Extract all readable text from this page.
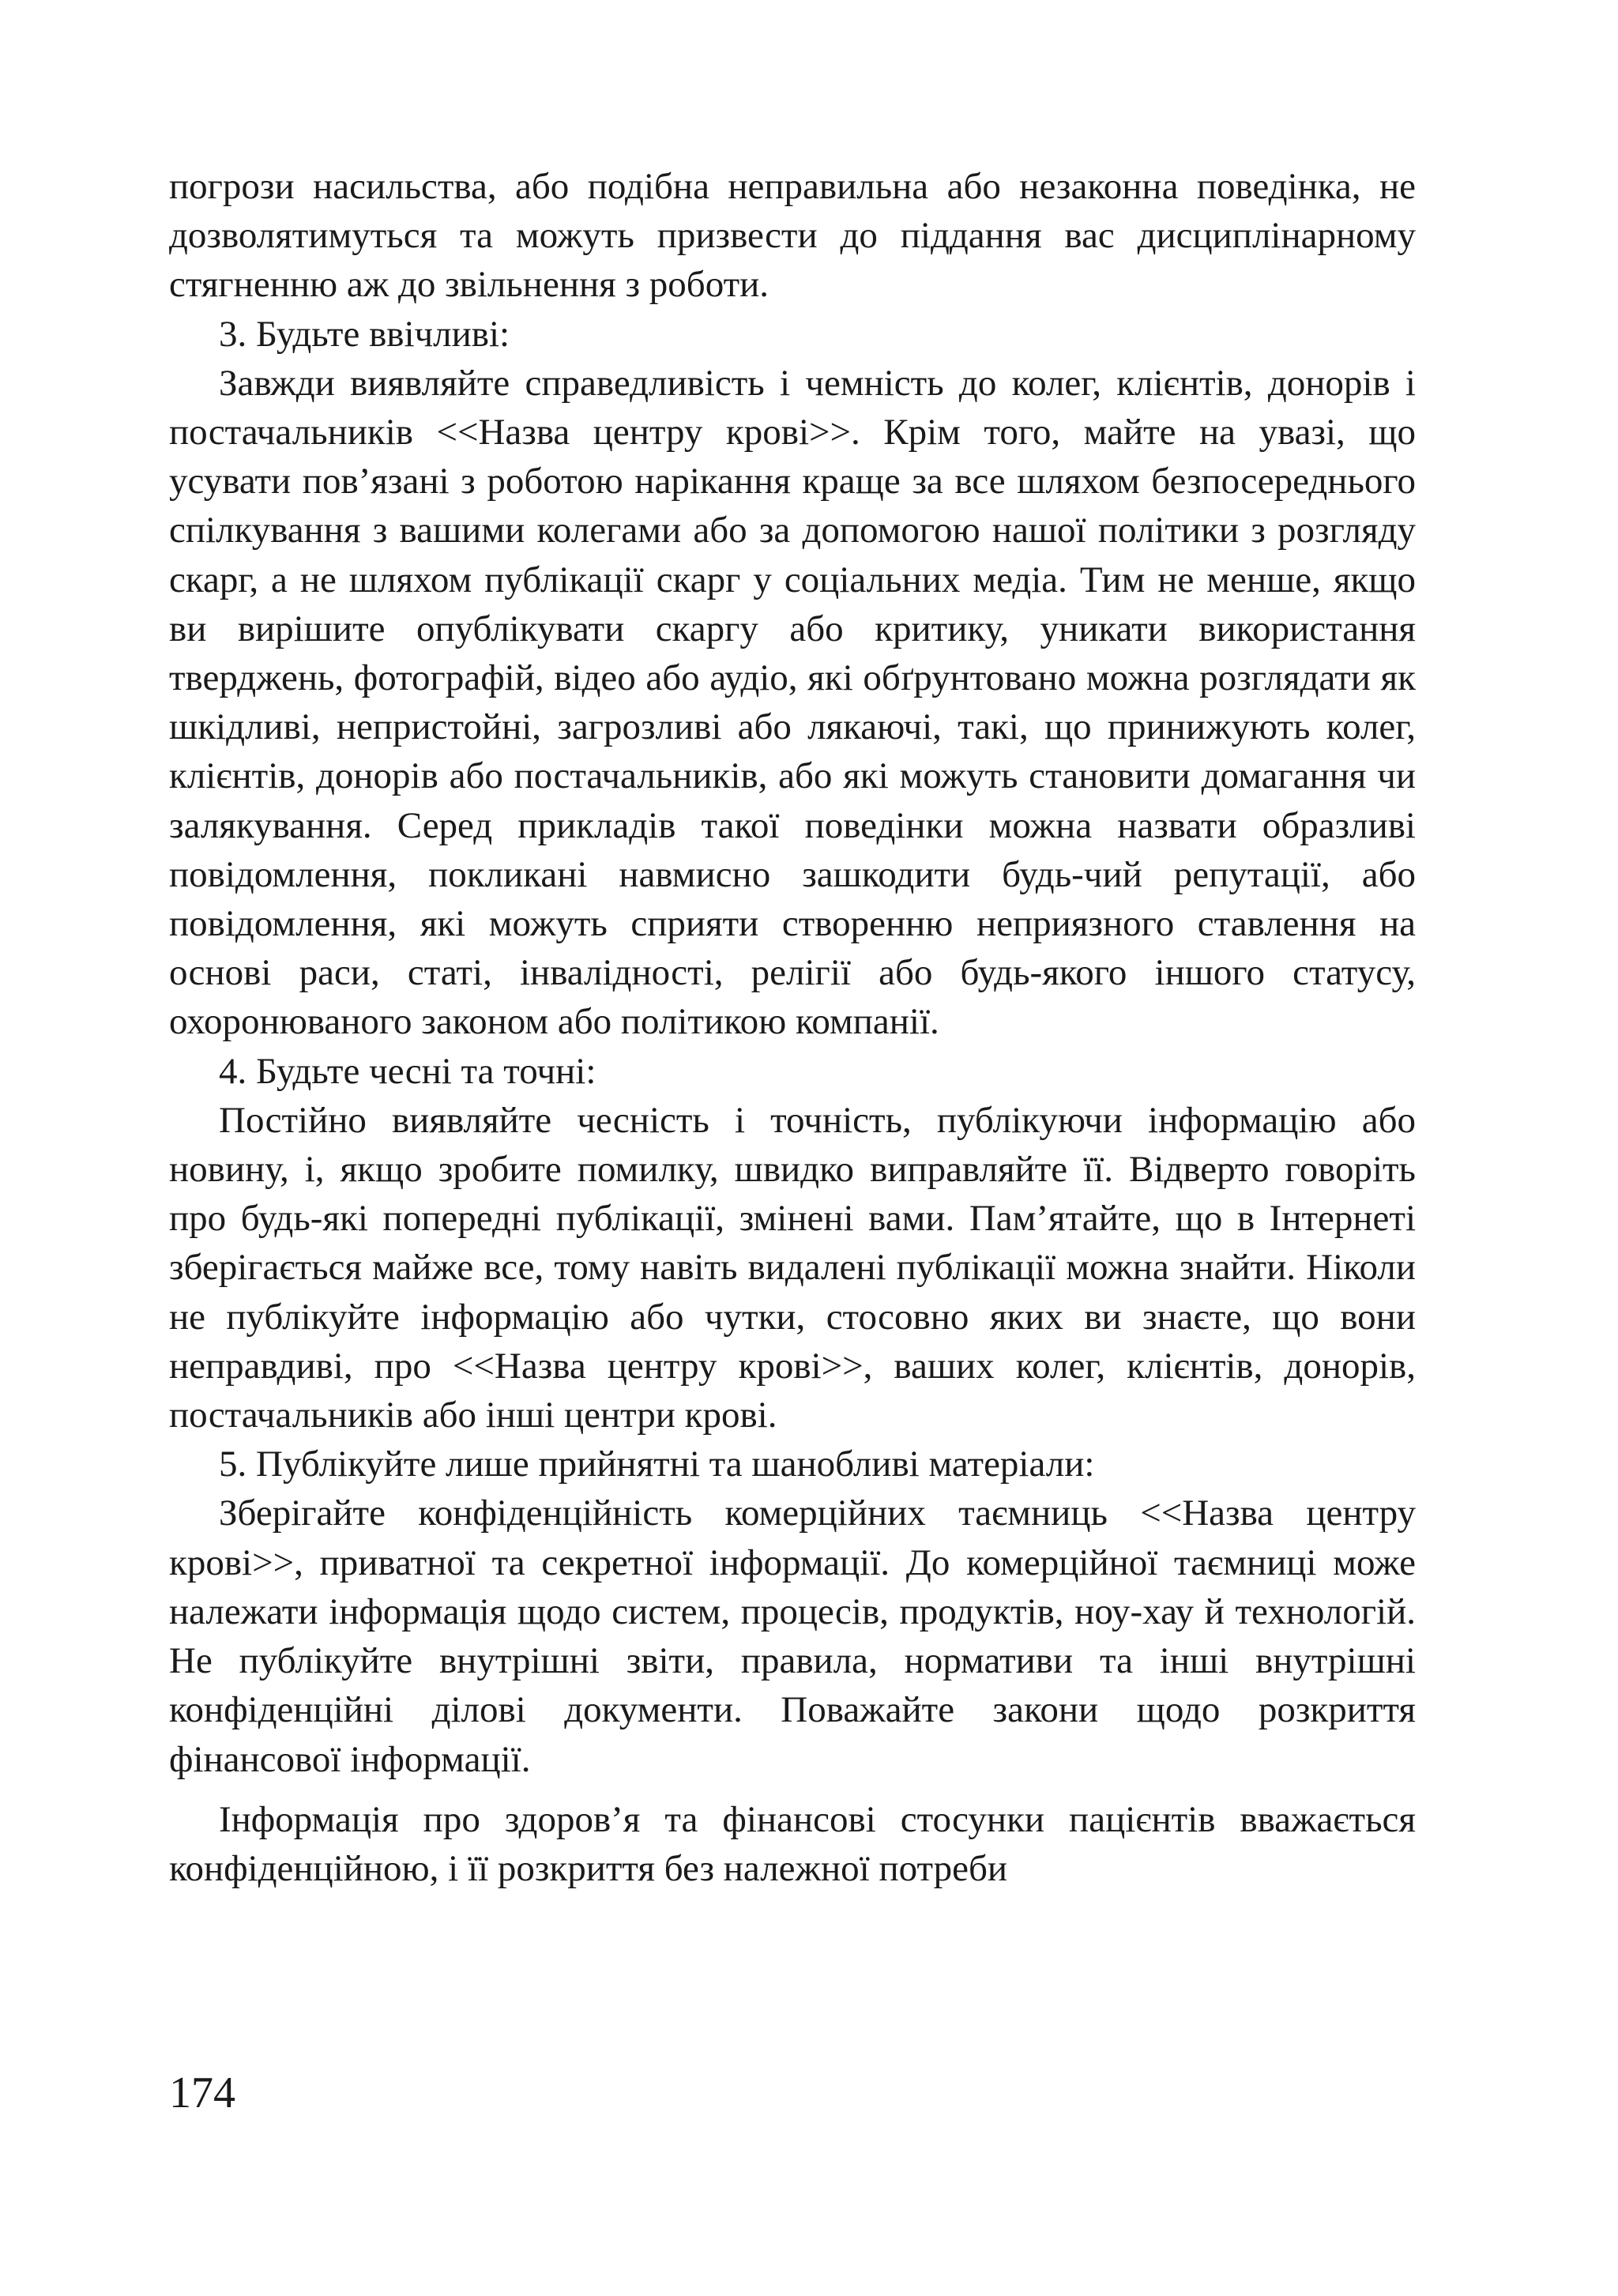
погрози насильства, або подібна неправильна або незаконна поведінка, не дозволятимуться та можуть призвести до піддання вас дисциплінарному стягненню аж до звільнення з роботи.

3. Будьте ввічливі:

Завжди виявляйте справедливість і чемність до колег, клієнтів, донорів і постачальників <<Назва центру крові>>. Крім того, майте на увазі, що усувати пов’язані з роботою нарікання краще за все шляхом безпосереднього спілкування з вашими колегами або за допомогою нашої політики з розгляду скарг, а не шляхом публікації скарг у соціальних медіа. Тим не менше, якщо ви вирішите опублікувати скаргу або критику, уникати використання тверджень, фотографій, відео або аудіо, які обґрунтовано можна розглядати як шкідливі, непристойні, загрозливі або лякаючі, такі, що принижують колег, клієнтів, донорів або постачальників, або які можуть становити домагання чи залякування. Серед прикладів такої поведінки можна назвати образливі повідомлення, покликані навмисно зашкодити будь-чий репутації, або повідомлення, які можуть сприяти створенню неприязного ставлення на основі раси, статі, інвалідності, релігії або будь-якого іншого статусу, охоронюваного законом або політикою компанії.

4. Будьте чесні та точні:

Постійно виявляйте чесність і точність, публікуючи інформацію або новину, і, якщо зробите помилку, швидко виправляйте її. Відверто говоріть про будь-які попередні публікації, змінені вами. Пам’ятайте, що в Інтернеті зберігається майже все, тому навіть видалені публікації можна знайти. Ніколи не публікуйте інформацію або чутки, стосовно яких ви знаєте, що вони неправдиві, про <<Назва центру крові>>, ваших колег, клієнтів, донорів, постачальників або інші центри крові.

5. Публікуйте лише прийнятні та шанобливі матеріали:

Зберігайте конфіденційність комерційних таємниць <<Назва центру крові>>, приватної та секретної інформації. До комерційної таємниці може належати інформація щодо систем, процесів, продуктів, ноу-хау й технологій. Не публікуйте внутрішні звіти, правила, нормативи та інші внутрішні конфіденційні ділові документи. Поважайте закони щодо розкриття фінансової інформації.

Інформація про здоров’я та фінансові стосунки пацієнтів вважається конфіденційною, і її розкриття без належної потреби

174
